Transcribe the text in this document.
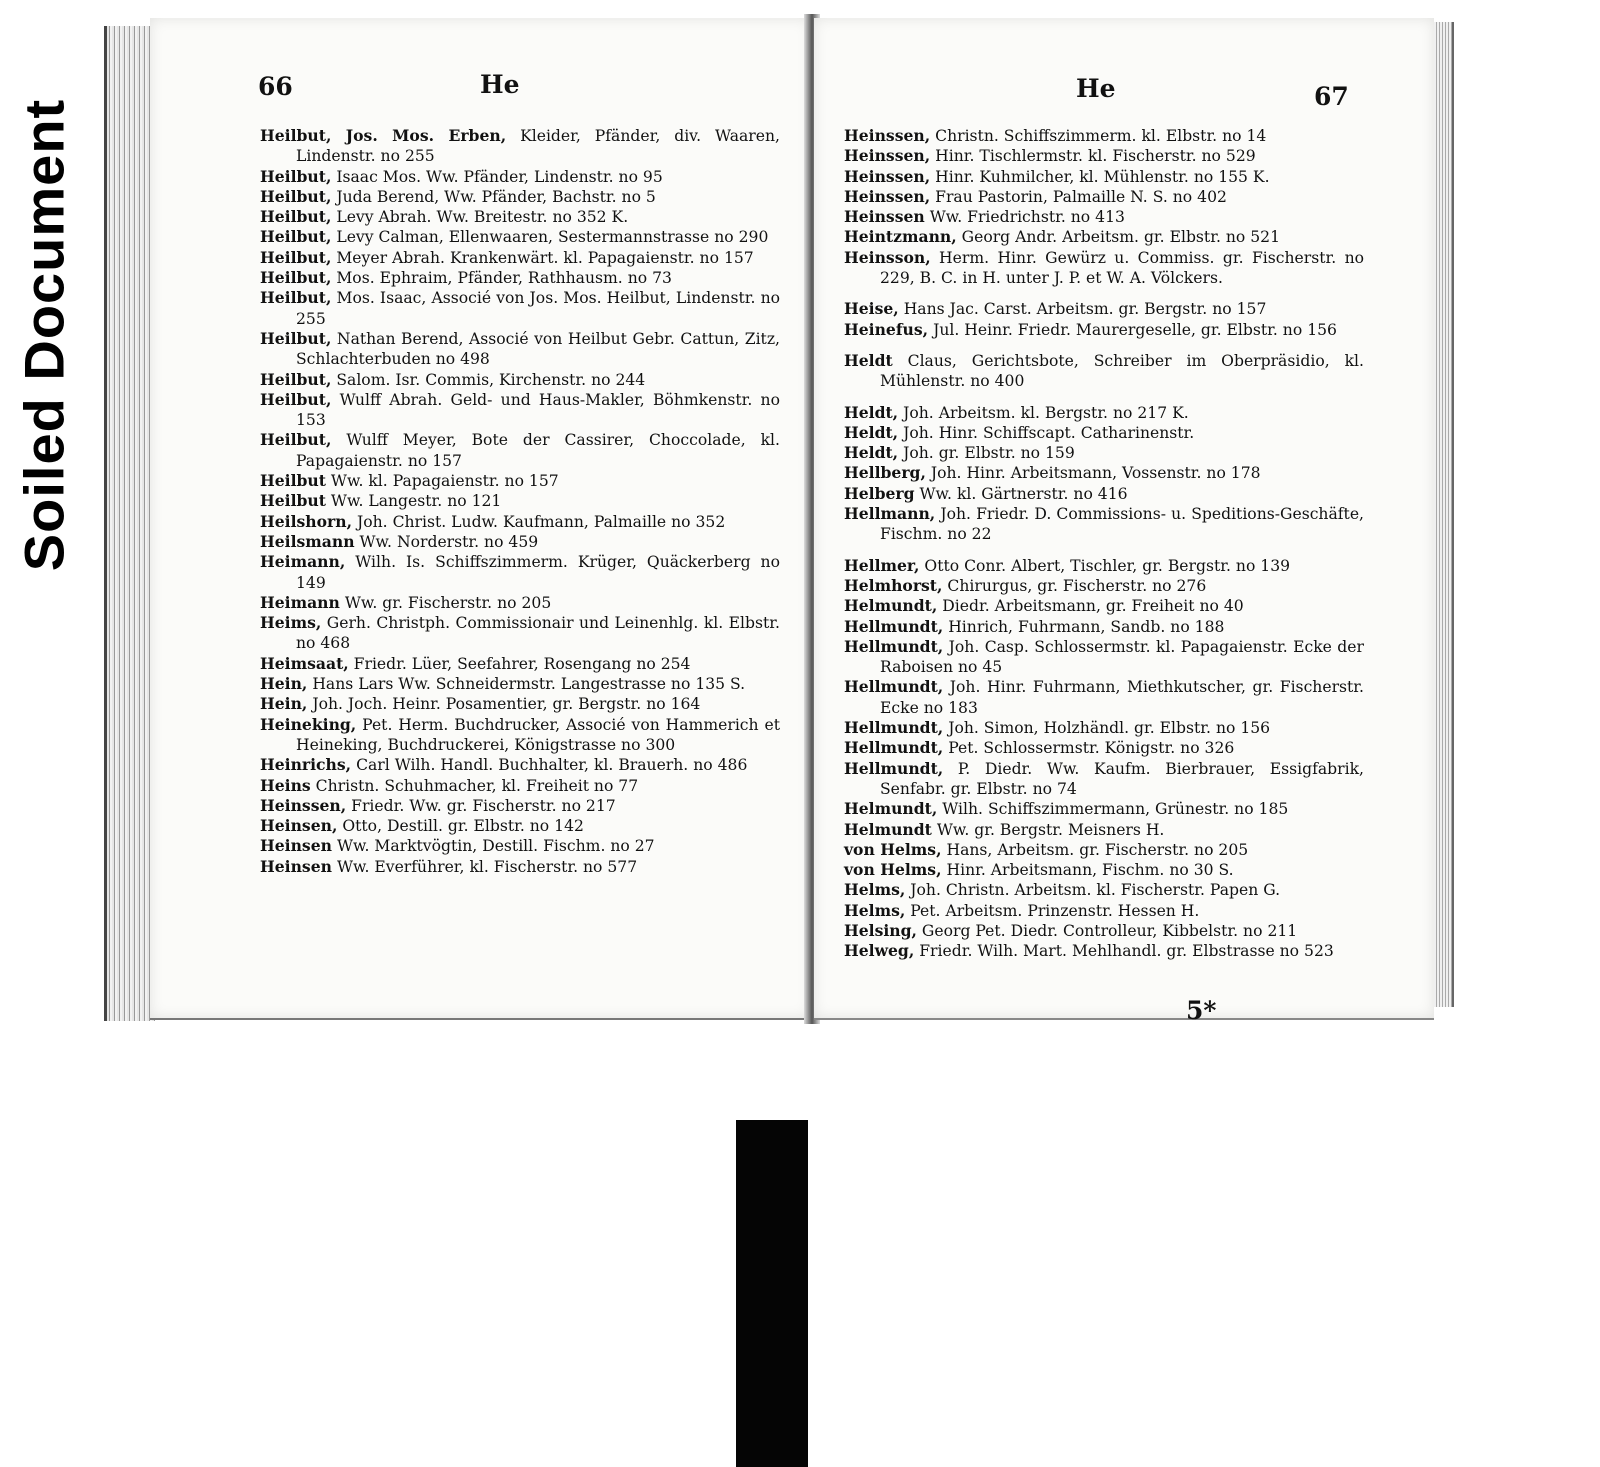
Soiled Document
66	He
Heilbut, Jos. Mos. Erben, Kleider, Pfänder, div. Waaren, Lindenstr. no 255
Heilbut, Isaac Mos. Ww. Pfänder, Lindenstr. no 95
Heilbut, Juda Berend, Ww. Pfänder, Bachstr. no 5
Heilbut, Levy Abrah. Ww. Breitestr. no 352 K.
Heilbut, Levy Calman, Ellenwaaren, Sestermannstrasse no 290
Heilbut, Meyer Abrah. Krankenwärt. kl. Papagaienstr. no 157
Heilbut, Mos. Ephraim, Pfänder, Rathhausm. no 73
Heilbut, Mos. Isaac, Associé von Jos. Mos. Heilbut, Lindenstr. no 255
Heilbut, Nathan Berend, Associé von Heilbut Gebr. Cattun, Zitz, Schlachterbuden no 498
Heilbut, Salom. Isr. Commis, Kirchenstr. no 244
Heilbut, Wulff Abrah. Geld- und Haus-Makler, Böhmkenstr. no 153
Heilbut, Wulff Meyer, Bote der Cassirer, Choccolade, kl. Papagaienstr. no 157
Heilbut Ww. kl. Papagaienstr. no 157
Heilbut Ww. Langestr. no 121
Heilshorn, Joh. Christ. Ludw. Kaufmann, Palmaille no 352
Heilsmann Ww. Norderstr. no 459
Heimann, Wilh. Is. Schiffszimmerm. Krüger, Quäckerberg no 149
Heimann Ww. gr. Fischerstr. no 205
Heims, Gerh. Christph. Commissionair und Leinenhlg. kl. Elbstr. no 468
Heimsaat, Friedr. Lüer, Seefahrer, Rosengang no 254
Hein, Hans Lars Ww. Schneidermstr. Langestrasse no 135 S.
Hein, Joh. Joch. Heinr. Posamentier, gr. Bergstr. no 164
Heineking, Pet. Herm. Buchdrucker, Associé von Hammerich et Heineking, Buchdruckerei, Königstrasse no 300
Heinrichs, Carl Wilh. Handl. Buchhalter, kl. Brauerh. no 486
Heins Christn. Schuhmacher, kl. Freiheit no 77
Heinssen, Friedr. Ww. gr. Fischerstr. no 217
Heinsen, Otto, Destill. gr. Elbstr. no 142
Heinsen Ww. Marktvögtin, Destill. Fischm. no 27
Heinsen Ww. Everführer, kl. Fischerstr. no 577
He	67
Heinssen, Christn. Schiffszimmerm. kl. Elbstr. no 14
Heinssen, Hinr. Tischlermstr. kl. Fischerstr. no 529
Heinssen, Hinr. Kuhmilcher, kl. Mühlenstr. no 155 K.
Heinssen, Frau Pastorin, Palmaille N. S. no 402
Heinssen Ww. Friedrichstr. no 413
Heintzmann, Georg Andr. Arbeitsm. gr. Elbstr. no 521
Heinsson, Herm. Hinr. Gewürz u. Commiss. gr. Fischerstr. no 229, B. C. in H. unter J. P. et W. A. Völckers.
Heise, Hans Jac. Carst. Arbeitsm. gr. Bergstr. no 157
Heinefus, Jul. Heinr. Friedr. Maurergeselle, gr. Elbstr. no 156
Heldt Claus, Gerichtsbote, Schreiber im Oberpräsidio, kl. Mühlenstr. no 400
Heldt, Joh. Arbeitsm. kl. Bergstr. no 217 K.
Heldt, Joh. Hinr. Schiffscapt. Catharinenstr.
Heldt, Joh. gr. Elbstr. no 159
Hellberg, Joh. Hinr. Arbeitsmann, Vossenstr. no 178
Helberg Ww. kl. Gärtnerstr. no 416
Hellmann, Joh. Friedr. D. Commissions- u. Speditions-Geschäfte, Fischm. no 22
Hellmer, Otto Conr. Albert, Tischler, gr. Bergstr. no 139
Helmhorst, Chirurgus, gr. Fischerstr. no 276
Helmundt, Diedr. Arbeitsmann, gr. Freiheit no 40
Hellmundt, Hinrich, Fuhrmann, Sandb. no 188
Hellmundt, Joh. Casp. Schlossermstr. kl. Papagaienstr. Ecke der Raboisen no 45
Hellmundt, Joh. Hinr. Fuhrmann, Miethkutscher, gr. Fischerstr. Ecke no 183
Hellmundt, Joh. Simon, Holzhändl. gr. Elbstr. no 156
Hellmundt, Pet. Schlossermstr. Königstr. no 326
Hellmundt, P. Diedr. Ww. Kaufm. Bierbrauer, Essigfabrik, Senfabr. gr. Elbstr. no 74
Helmundt, Wilh. Schiffszimmermann, Grünestr. no 185
Helmundt Ww. gr. Bergstr. Meisners H.
von Helms, Hans, Arbeitsm. gr. Fischerstr. no 205
von Helms, Hinr. Arbeitsmann, Fischm. no 30 S.
Helms, Joh. Christn. Arbeitsm. kl. Fischerstr. Papen G.
Helms, Pet. Arbeitsm. Prinzenstr. Hessen H.
Helsing, Georg Pet. Diedr. Controlleur, Kibbelstr. no 211
Helweg, Friedr. Wilh. Mart. Mehlhandl. gr. Elbstrasse no 523
5*
